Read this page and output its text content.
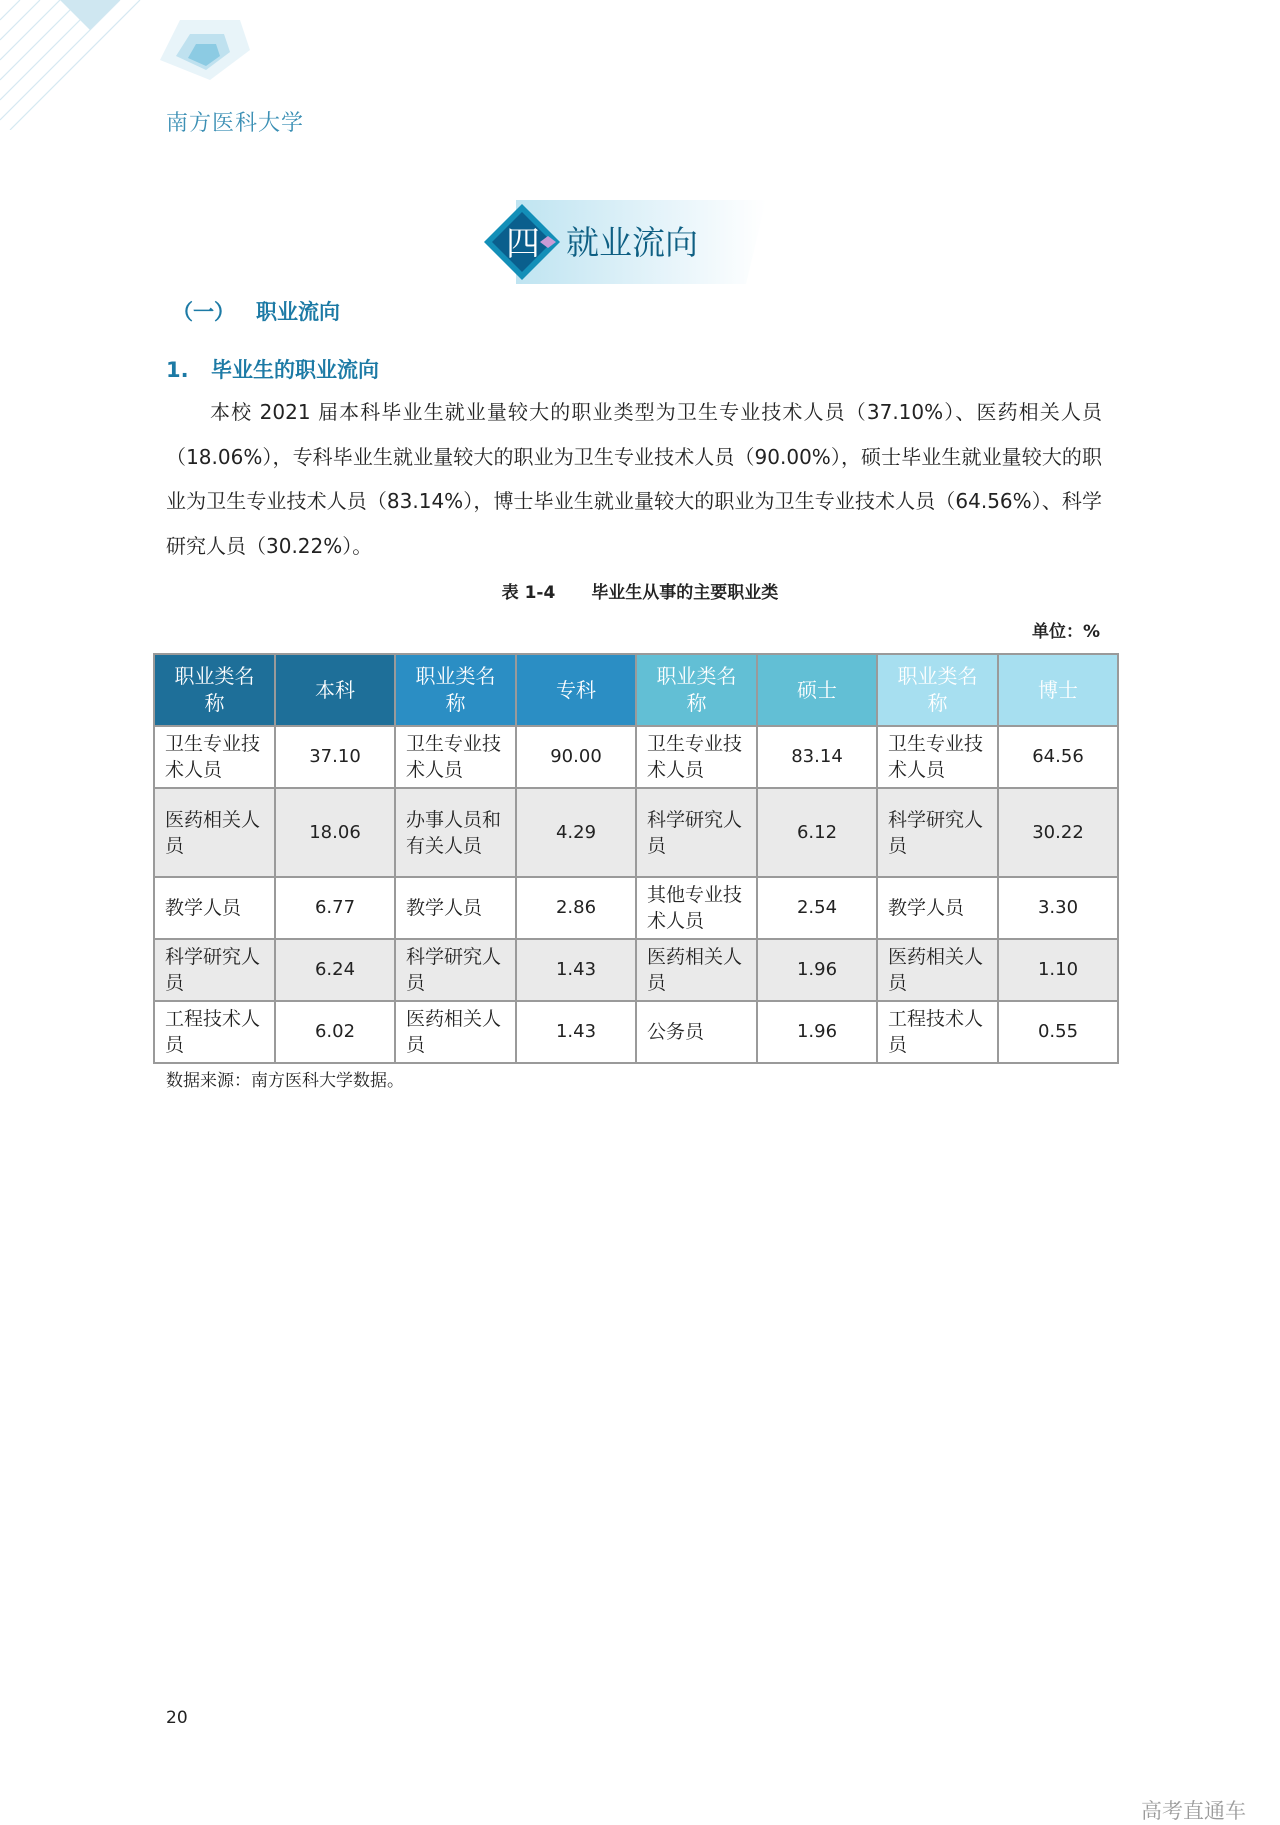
南方医科大学
四 就业流向
（一） 职业流向
1. 毕业生的职业流向
本校 2021 届本科毕业生就业量较大的职业类型为卫生专业技术人员（37.10%）、医药相关人员（18.06%），专科毕业生就业量较大的职业为卫生专业技术人员（90.00%），硕士毕业生就业量较大的职业为卫生专业技术人员（83.14%），博士毕业生就业量较大的职业为卫生专业技术人员（64.56%）、科学研究人员（30.22%）。
表 1-4 毕业生从事的主要职业类
单位：%
职业类名称	本科	职业类名称	专科	职业类名称	硕士	职业类名称	博士
卫生专业技术人员	37.10	卫生专业技术人员	90.00	卫生专业技术人员	83.14	卫生专业技术人员	64.56
医药相关人员	18.06	办事人员和有关人员	4.29	科学研究人员	6.12	科学研究人员	30.22
教学人员	6.77	教学人员	2.86	其他专业技术人员	2.54	教学人员	3.30
科学研究人员	6.24	科学研究人员	1.43	医药相关人员	1.96	医药相关人员	1.10
工程技术人员	6.02	医药相关人员	1.43	公务员	1.96	工程技术人员	0.55
数据来源：南方医科大学数据。
20
高考直通车
